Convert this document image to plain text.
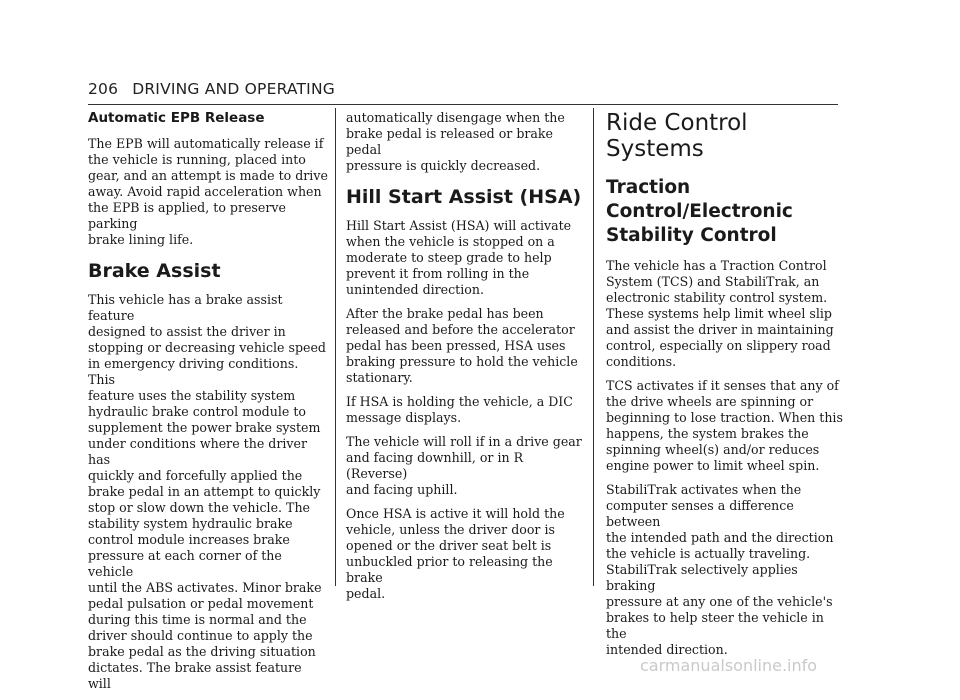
206 DRIVING AND OPERATING
Automatic EPB Release

The EPB will automatically release if
the vehicle is running, placed into
gear, and an attempt is made to drive
away. Avoid rapid acceleration when
the EPB is applied, to preserve parking
brake lining life.

Brake Assist

This vehicle has a brake assist feature
designed to assist the driver in
stopping or decreasing vehicle speed
in emergency driving conditions. This
feature uses the stability system
hydraulic brake control module to
supplement the power brake system
under conditions where the driver has
quickly and forcefully applied the
brake pedal in an attempt to quickly
stop or slow down the vehicle. The
stability system hydraulic brake
control module increases brake
pressure at each corner of the vehicle
until the ABS activates. Minor brake
pedal pulsation or pedal movement
during this time is normal and the
driver should continue to apply the
brake pedal as the driving situation
dictates. The brake assist feature will

automatically disengage when the
brake pedal is released or brake pedal
pressure is quickly decreased.

Hill Start Assist (HSA)

Hill Start Assist (HSA) will activate
when the vehicle is stopped on a
moderate to steep grade to help
prevent it from rolling in the
unintended direction.

After the brake pedal has been
released and before the accelerator
pedal has been pressed, HSA uses
braking pressure to hold the vehicle
stationary.

If HSA is holding the vehicle, a DIC
message displays.

The vehicle will roll if in a drive gear
and facing downhill, or in R (Reverse)
and facing uphill.

Once HSA is active it will hold the
vehicle, unless the driver door is
opened or the driver seat belt is
unbuckled prior to releasing the brake
pedal.

Ride Control Systems
Traction Control/Electronic
Stability Control

The vehicle has a Traction Control
System (TCS) and StabiliTrak, an
electronic stability control system.
These systems help limit wheel slip
and assist the driver in maintaining
control, especially on slippery road
conditions.

TCS activates if it senses that any of
the drive wheels are spinning or
beginning to lose traction. When this
happens, the system brakes the
spinning wheel(s) and/or reduces
engine power to limit wheel spin.

StabiliTrak activates when the
computer senses a difference between
the intended path and the direction
the vehicle is actually traveling.
StabiliTrak selectively applies braking
pressure at any one of the vehicle's
brakes to help steer the vehicle in the
intended direction.

carmanualsonline.info
